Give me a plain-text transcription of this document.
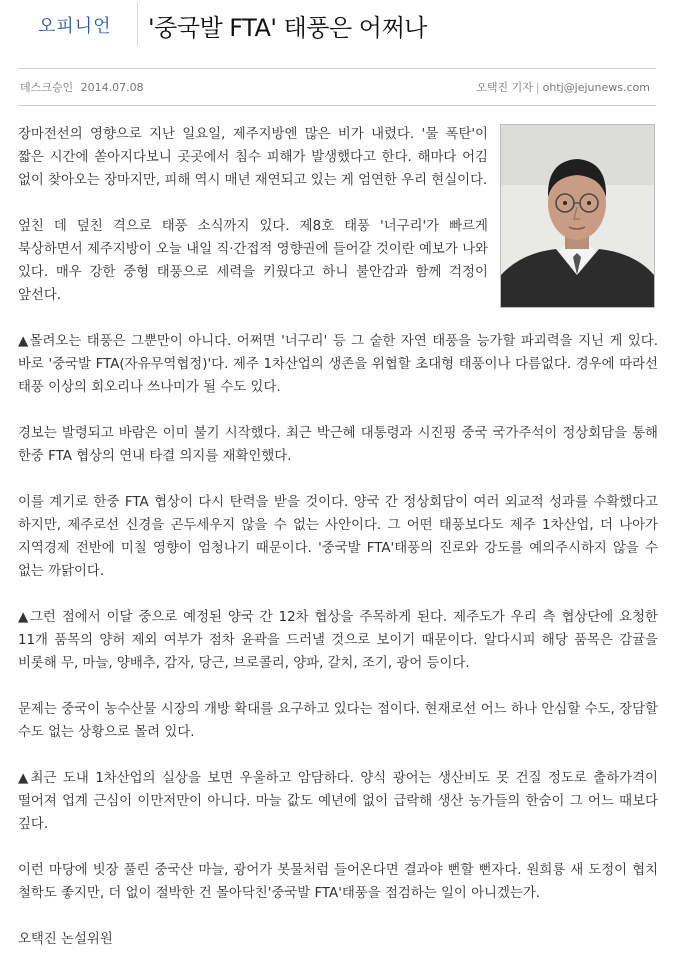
오피니언 '중국발 FTA' 태풍은 어쩌나
데스크승인 2014.07.08	오택진 기자 | ohtj@jejunews.com

장마전선의 영향으로 지난 일요일, 제주지방엔 많은 비가 내렸다. '물 폭탄'이 짧은 시간에 쏟아지다보니 곳곳에서 침수 피해가 발생했다고 한다. 해마다 어김 없이 찾아오는 장마지만, 피해 역시 매년 재연되고 있는 게 엄연한 우리 현실이다.

엎친 데 덮친 격으로 태풍 소식까지 있다. 제8호 태풍 '너구리'가 빠르게 북상하면서 제주지방이 오늘 내일 직·간접적 영향권에 들어갈 것이란 예보가 나와 있다. 매우 강한 중형 태풍으로 세력을 키웠다고 하니 불안감과 함께 걱정이 앞선다.

▲몰려오는 태풍은 그뿐만이 아니다. 어쩌면 '너구리' 등 그 숱한 자연 태풍을 능가할 파괴력을 지닌 게 있다. 바로 '중국발 FTA(자유무역협정)'다. 제주 1차산업의 생존을 위협할 초대형 태풍이나 다름없다. 경우에 따라선 태풍 이상의 회오리나 쓰나미가 될 수도 있다.

경보는 발령되고 바람은 이미 불기 시작했다. 최근 박근혜 대통령과 시진핑 중국 국가주석이 정상회담을 통해 한중 FTA 협상의 연내 타결 의지를 재확인했다.

이를 계기로 한중 FTA 협상이 다시 탄력을 받을 것이다. 양국 간 정상회담이 여러 외교적 성과를 수확했다고 하지만, 제주로선 신경을 곤두세우지 않을 수 없는 사안이다. 그 어떤 태풍보다도 제주 1차산업, 더 나아가 지역경제 전반에 미칠 영향이 엄청나기 때문이다. '중국발 FTA'태풍의 진로와 강도를 예의주시하지 않을 수 없는 까닭이다.

▲그런 점에서 이달 중으로 예정된 양국 간 12차 협상을 주목하게 된다. 제주도가 우리 측 협상단에 요청한 11개 품목의 양허 제외 여부가 점차 윤곽을 드러낼 것으로 보이기 때문이다. 알다시피 해당 품목은 감귤을 비롯해 무, 마늘, 양배추, 감자, 당근, 브로콜리, 양파, 갈치, 조기, 광어 등이다.

문제는 중국이 농수산물 시장의 개방 확대를 요구하고 있다는 점이다. 현재로선 어느 하나 안심할 수도, 장담할 수도 없는 상황으로 몰려 있다.

▲최근 도내 1차산업의 실상을 보면 우울하고 암담하다. 양식 광어는 생산비도 못 건질 정도로 출하가격이 떨어져 업계 근심이 이만저만이 아니다. 마늘 값도 예년에 없이 급락해 생산 농가들의 한숨이 그 어느 때보다 깊다.

이런 마당에 빗장 풀린 중국산 마늘, 광어가 봇물처럼 들어온다면 결과야 뻔할 뻔자다. 원희룡 새 도정이 협치 철학도 좋지만, 더 없이 절박한 건 몰아닥친'중국발 FTA'태풍을 점검하는 일이 아니겠는가.

오택진 논설위원
